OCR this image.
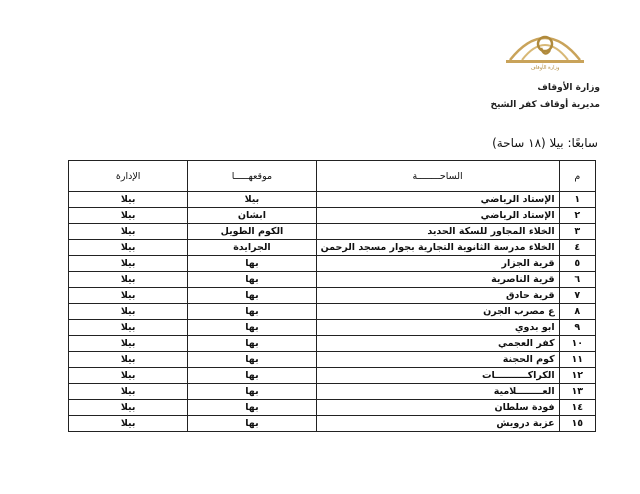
وزارة الأوقاف
وزارة الأوقاف
مديرية أوقاف كفر الشيخ
سابعًا: بيلا (١٨ ساحة)
م	الساحــــــــة	موقعهـــــا	الإدارة
١	الإستاد الرياضي	بيلا	بيلا
٢	الإستاد الرياضي	ابشان	بيلا
٣	الخلاء المجاور للسكة الحديد	الكوم الطويل	بيلا
٤	الخلاء مدرسة الثانوية التجارية بجوار مسجد الرحمن	الجرايدة	بيلا
٥	قرية الجزار	بها	بيلا
٦	قرية الناصرية	بها	بيلا
٧	قرية حادق	بها	بيلا
٨	ع مصرب الجرن	بها	بيلا
٩	ابو بدوي	بها	بيلا
١٠	كفر العجمي	بها	بيلا
١١	كوم الحجنة	بها	بيلا
١٢	الكراكــــــــــات	بها	بيلا
١٣	العــــــــلامية	بها	بيلا
١٤	فودة سلطان	بها	بيلا
١٥	عزبة درويش	بها	بيلا
